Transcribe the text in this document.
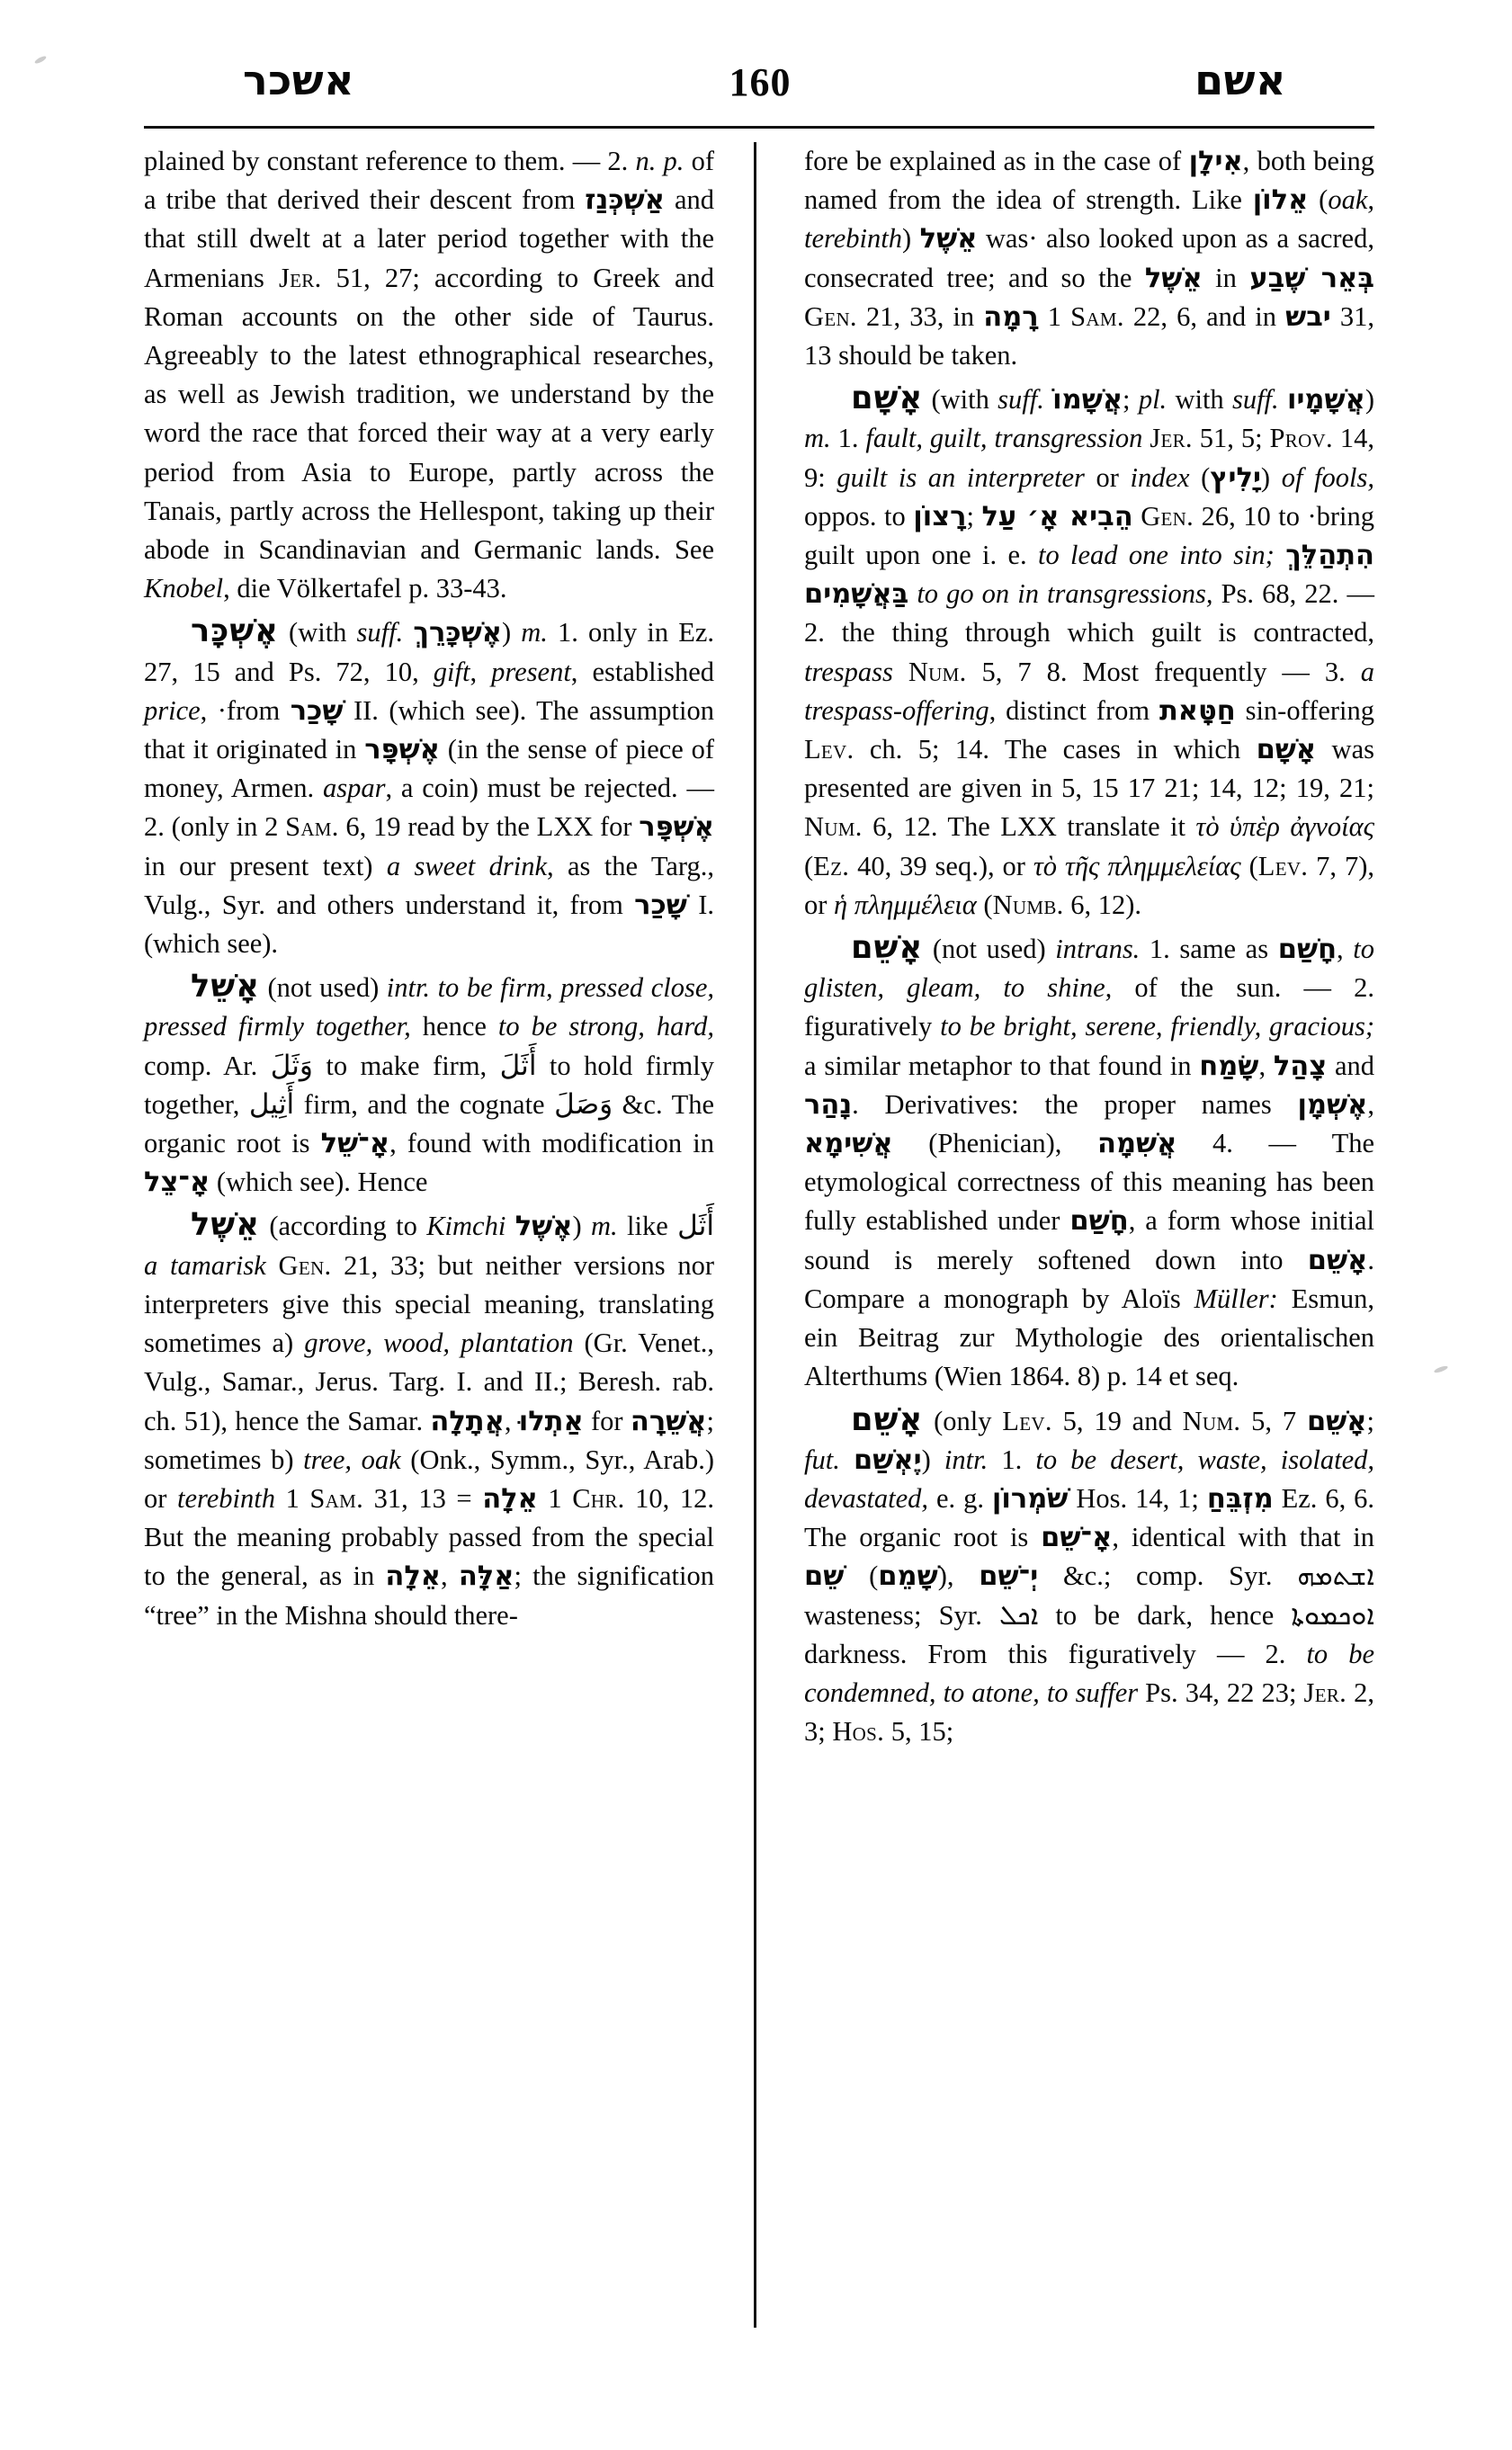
אשכר	160	אשם

plained by constant reference to them. — 2. n. p. of a tribe that derived their descent from אַשְׁכְּנַז and that still dwelt at a later period together with the Armenians Jer. 51, 27; according to Greek and Roman accounts on the other side of Taurus. Agreeably to the latest ethnographical researches, as well as Jewish tradition, we understand by the word the race that forced their way at a very early period from Asia to Europe, partly across the Tanais, partly across the Hellespont, taking up their abode in Scandinavian and Germanic lands. See Knobel, die Völkertafel p. 33-43.

אֶשְׁכָּר (with suff. אֶשְׁכָּרֵךְ) m. 1. only in Ez. 27, 15 and Ps. 72, 10, gift, present, established price, ·from שָׁכַר II. (which see). The assumption that it originated in אֶשְׁפָּר (in the sense of piece of money, Armen. aspar, a coin) must be rejected. — 2. (only in 2 Sam. 6, 19 read by the LXX for אֶשְׁפָּר in our present text) a sweet drink, as the Targ., Vulg., Syr. and others understand it, from שָׁכַר I. (which see).

אָשֵׁל (not used) intr. to be firm, pressed close, pressed firmly together, hence to be strong, hard, comp. Ar. وَثَلَ to make firm, أَثَلَ to hold firmly together, أَثِيل firm, and the cognate وَصَلَ &c. The organic root is אָ־שֵׁל, found with modification in אָ־צֵל (which see). Hence

אֵשֶׁל (according to Kimchi אֶשֶׁל) m. like أَثَل a tamarisk Gen. 21, 33; but neither versions nor interpreters give this special meaning, translating sometimes a) grove, wood, plantation (Gr. Venet., Vulg., Samar., Jerus. Targ. I. and II.; Beresh. rab. ch. 51), hence the Samar. אֲתָלָה, אַתְלוּ for אֲשֵׁרָה; sometimes b) tree, oak (Onk., Symm., Syr., Arab.) or terebinth 1 Sam. 31, 13 = אֵלָה 1 Chr. 10, 12. But the meaning probably passed from the special to the general, as in אֵלָה, אַלָּה; the signification “tree” in the Mishna should there-

fore be explained as in the case of אִילָן, both being named from the idea of strength. Like אֵלוֹן (oak, terebinth) אֵשֶׁל was· also looked upon as a sacred, consecrated tree; and so the אֵשֶׁל in בְּאֵר שֶׁבַע Gen. 21, 33, in רָמָה 1 Sam. 22, 6, and in יבש 31, 13 should be taken.

אָשָׁם (with suff. אֲשָׁמוֹ; pl. with suff. אֲשָׁמָיו) m. 1. fault, guilt, transgression Jer. 51, 5; Prov. 14, 9: guilt is an interpreter or index (יָלִיץ) of fools, oppos. to רָצוֹן; הֵבִיא אָ׳ עַל Gen. 26, 10 to ·bring guilt upon one i. e. to lead one into sin; הִתְהַלֵּךְ בַּאֲשָׁמִים to go on in transgressions, Ps. 68, 22. — 2. the thing through which guilt is contracted, trespass Num. 5, 7 8. Most frequently — 3. a trespass-offering, distinct from חַטָּאת sin-offering Lev. ch. 5; 14. The cases in which אָשָׁם was presented are given in 5, 15 17 21; 14, 12; 19, 21; Num. 6, 12. The LXX translate it τὸ ὑπὲρ ἀγνοίας (Ez. 40, 39 seq.), or τὸ τῆς πλημμελείας (Lev. 7, 7), or ἡ πλημμέλεια (Numb. 6, 12).

אָשֵׁם (not used) intrans. 1. same as חָשַׁם, to glisten, gleam, to shine, of the sun. — 2. figuratively to be bright, serene, friendly, gracious; a similar metaphor to that found in שָׂמַח, צָהַל and נָהַר. Derivatives: the proper names אֶשְׁמָן, אֲשִׁימָא (Phenician), אֲשִׁמָה 4. — The etymological correctness of this meaning has been fully established under חָשַׁם, a form whose initial sound is merely softened down into אָשֵׁם. Compare a monograph by Aloïs Müller: Esmun, ein Beitrag zur Mythologie des orientalischen Alterthums (Wien 1864. 8) p. 14 et seq.

אָשֵׁם (only Lev. 5, 19 and Num. 5, 7 אָשֵׁם; fut. יֶאְשַׁם) intr. 1. to be desert, waste, isolated, devastated, e. g. שֹׁמְרוֹן Hos. 14, 1; מִזְבֵּחַ Ez. 6, 6. The organic root is אָ־שֵׁם, identical with that in שֵׁם (שָׁמֵם), יְ־שֵׁם &c.; comp. Syr. ܐܫܬܡܗ wasteness; Syr. ܐܟܠ to be dark, hence ܐܘܟܡܘܬܐ darkness. From this figuratively — 2. to be condemned, to atone, to suffer Ps. 34, 22 23; Jer. 2, 3; Hos. 5, 15;
